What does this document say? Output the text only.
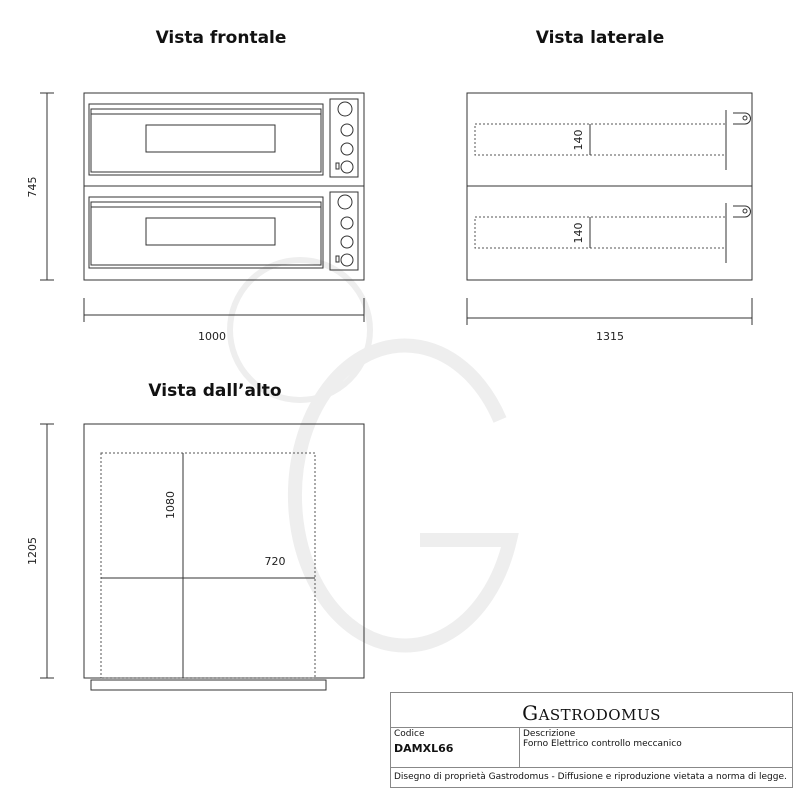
Vista frontale
745
1000
Vista laterale
140
140
1315
Vista dall’alto
1080
720
1205
GASTRODOMUS
Codice
DAMXL66
Descrizione
Forno Elettrico controllo meccanico
Disegno di proprietà Gastrodomus - Diffusione e riproduzione vietata a norma di legge.
